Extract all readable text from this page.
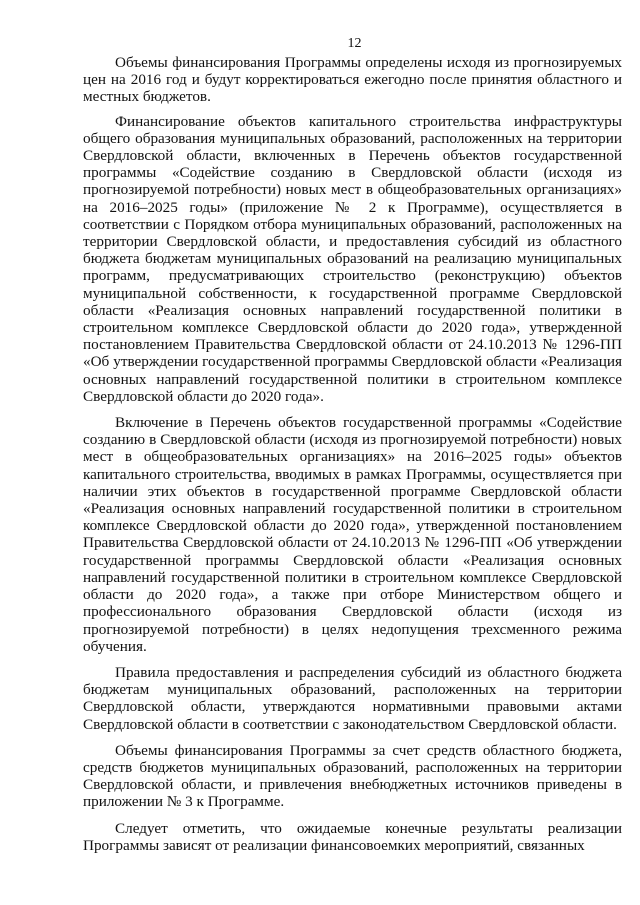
12

Объемы финансирования Программы определены исходя из прогнозируемых цен на 2016 год и будут корректироваться ежегодно после принятия областного и местных бюджетов.

Финансирование объектов капитального строительства инфраструктуры общего образования муниципальных образований, расположенных на территории Свердловской области, включенных в Перечень объектов государственной программы «Содействие созданию в Свердловской области (исходя из прогнозируемой потребности) новых мест в общеобразовательных организациях» на 2016–2025 годы» (приложение № 2 к Программе), осуществляется в соответствии с Порядком отбора муниципальных образований, расположенных на территории Свердловской области, и предоставления субсидий из областного бюджета бюджетам муниципальных образований на реализацию муниципальных программ, предусматривающих строительство (реконструкцию) объектов муниципальной собственности, к государственной программе Свердловской области «Реализация основных направлений государственной политики в строительном комплексе Свердловской области до 2020 года», утвержденной постановлением Правительства Свердловской области от 24.10.2013 № 1296-ПП «Об утверждении государственной программы Свердловской области «Реализация основных направлений государственной политики в строительном комплексе Свердловской области до 2020 года».

Включение в Перечень объектов государственной программы «Содействие созданию в Свердловской области (исходя из прогнозируемой потребности) новых мест в общеобразовательных организациях» на 2016–2025 годы» объектов капитального строительства, вводимых в рамках Программы, осуществляется при наличии этих объектов в государственной программе Свердловской области «Реализация основных направлений государственной политики в строительном комплексе Свердловской области до 2020 года», утвержденной постановлением Правительства Свердловской области от 24.10.2013 № 1296-ПП «Об утверждении государственной программы Свердловской области «Реализация основных направлений государственной политики в строительном комплексе Свердловской области до 2020 года», а также при отборе Министерством общего и профессионального образования Свердловской области (исходя из прогнозируемой потребности) в целях недопущения трехсменного режима обучения.

Правила предоставления и распределения субсидий из областного бюджета бюджетам муниципальных образований, расположенных на территории Свердловской области, утверждаются нормативными правовыми актами Свердловской области в соответствии с законодательством Свердловской области.

Объемы финансирования Программы за счет средств областного бюджета, средств бюджетов муниципальных образований, расположенных на территории Свердловской области, и привлечения внебюджетных источников приведены в приложении № 3 к Программе.

Следует отметить, что ожидаемые конечные результаты реализации Программы зависят от реализации финансовоемких мероприятий, связанных
